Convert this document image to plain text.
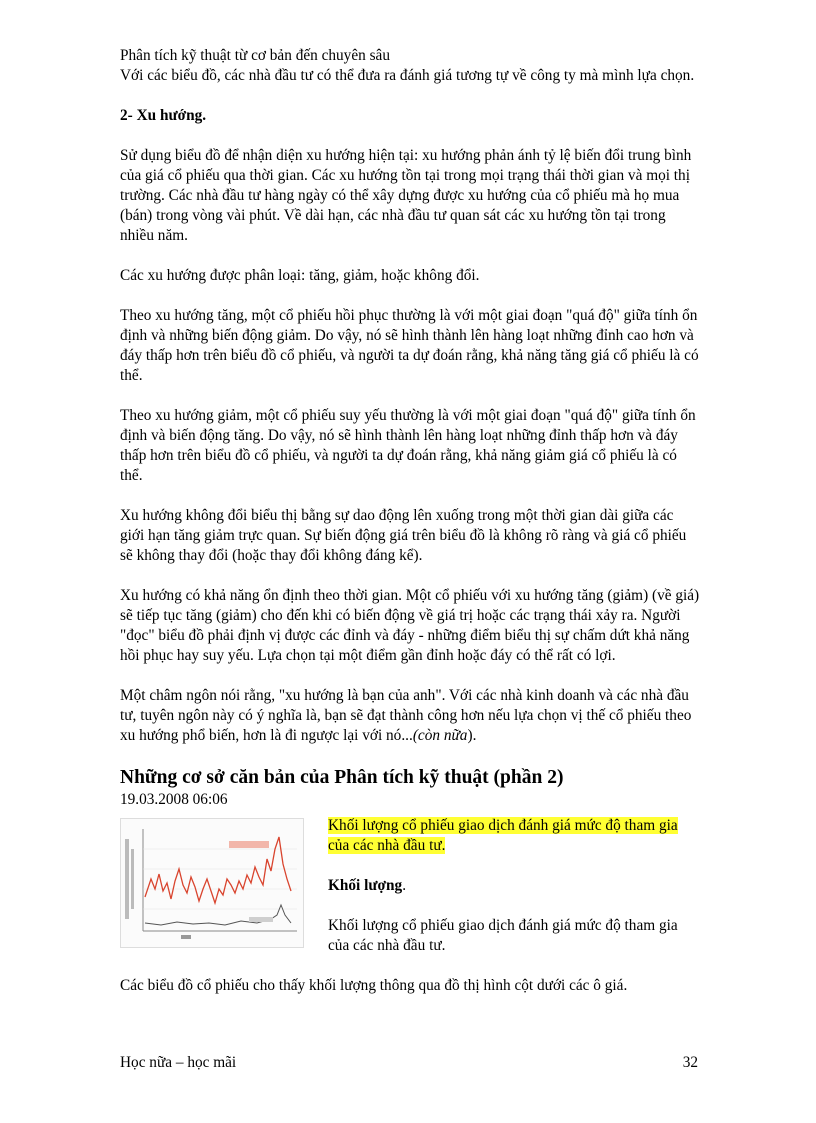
Phân tích kỹ thuật từ cơ bản đến chuyên sâu

Với các biểu đồ, các nhà đầu tư có thể đưa ra đánh giá tương tự về công ty mà mình lựa chọn.

2- Xu hướng.

Sử dụng biểu đồ để nhận diện xu hướng hiện tại: xu hướng phản ánh tỷ lệ biến đổi trung bình của giá cổ phiếu qua thời gian. Các xu hướng tồn tại trong mọi trạng thái thời gian và mọi thị trường. Các nhà đầu tư hàng ngày có thể xây dựng được xu hướng của cổ phiếu mà họ mua (bán) trong vòng vài phút. Về dài hạn, các nhà đầu tư quan sát các xu hướng tồn tại trong nhiều năm.

Các xu hướng được phân loại: tăng, giảm, hoặc không đổi.

Theo xu hướng tăng, một cổ phiếu hồi phục thường là với một giai đoạn "quá độ" giữa tính ổn định và những biến động giảm. Do vậy, nó sẽ hình thành lên hàng loạt những đỉnh cao hơn và đáy thấp hơn trên biểu đồ cổ phiếu, và người ta dự đoán rằng, khả năng tăng giá cổ phiếu là có thể.

Theo xu hướng giảm, một cổ phiếu suy yếu thường là với một giai đoạn "quá độ" giữa tính ổn định và biến động tăng. Do vậy, nó sẽ hình thành lên hàng loạt những đỉnh thấp hơn và đáy thấp hơn trên biểu đồ cổ phiếu, và người ta dự đoán rằng, khả năng giảm giá cổ phiếu là có thể.

Xu hướng không đổi biểu thị bằng sự dao động lên xuống trong một thời gian dài giữa các giới hạn tăng giảm trực quan. Sự biến động giá trên biểu đồ là không rõ ràng và giá cổ phiếu sẽ không thay đổi (hoặc thay đổi không đáng kể).

Xu hướng có khả năng ổn định theo thời gian. Một cổ phiếu với xu hướng tăng (giảm) (về giá) sẽ tiếp tục tăng (giảm) cho đến khi có biến động về giá trị hoặc các trạng thái xảy ra. Người "đọc" biểu đồ phải định vị được các đỉnh và đáy - những điểm biểu thị sự chấm dứt khả năng hồi phục hay suy yếu. Lựa chọn tại một điểm gần đỉnh hoặc đáy có thể rất có lợi.

Một châm ngôn nói rằng, "xu hướng là bạn của anh". Với các nhà kinh doanh và các nhà đầu tư, tuyên ngôn này có ý nghĩa là, bạn sẽ đạt thành công hơn nếu lựa chọn vị thế cổ phiếu theo xu hướng phổ biến, hơn là đi ngược lại với nó...(còn nữa).

Những cơ sở căn bản của Phân tích kỹ thuật (phần 2)

19.03.2008 06:06

Khối lượng cổ phiếu giao dịch đánh giá mức độ tham gia của các nhà đầu tư.

Khối lượng.

Khối lượng cổ phiếu giao dịch đánh giá mức độ tham gia của các nhà đầu tư.

Các biểu đồ cổ phiếu cho thấy khối lượng thông qua đồ thị hình cột dưới các ô giá.

Học nữa – học mãi	32
